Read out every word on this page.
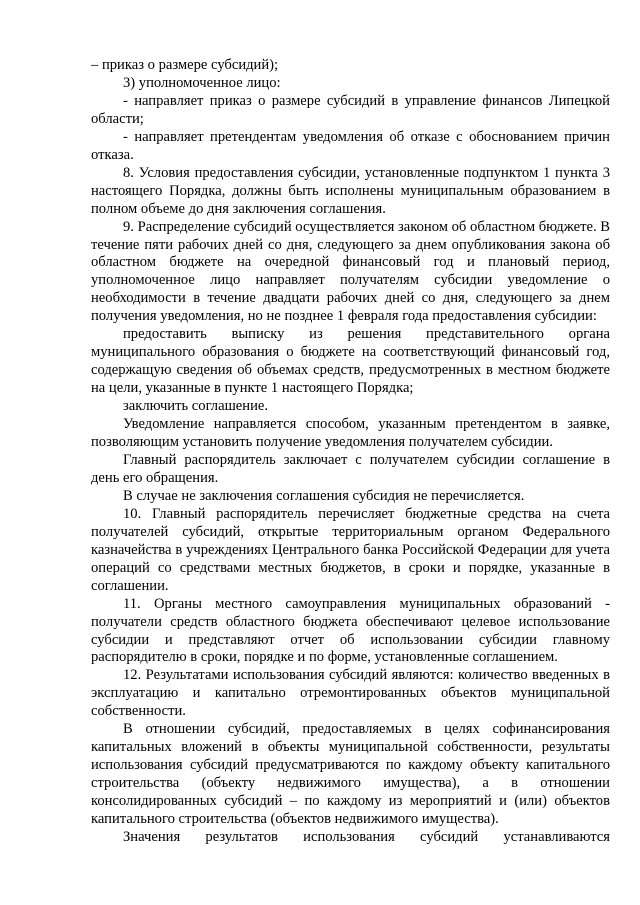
– приказ о размере субсидий);

3) уполномоченное лицо:

- направляет приказ о размере субсидий в управление финансов Липецкой области;

- направляет претендентам уведомления об отказе с обоснованием причин отказа.

8. Условия предоставления субсидии, установленные подпунктом 1 пункта 3 настоящего Порядка, должны быть исполнены муниципальным образованием в полном объеме до дня заключения соглашения.

9. Распределение субсидий осуществляется законом об областном бюджете. В течение пяти рабочих дней со дня, следующего за днем опубликования закона об областном бюджете на очередной финансовый год и плановый период, уполномоченное лицо направляет получателям субсидии уведомление о необходимости в течение двадцати рабочих дней со дня, следующего за днем получения уведомления, но не позднее 1 февраля года предоставления субсидии:

предоставить выписку из решения представительного органа муниципального образования о бюджете на соответствующий финансовый год, содержащую сведения об объемах средств, предусмотренных в местном бюджете на цели, указанные в пункте 1 настоящего Порядка;

заключить соглашение.

Уведомление направляется способом, указанным претендентом в заявке, позволяющим установить получение уведомления получателем субсидии.

Главный распорядитель заключает с получателем субсидии соглашение в день его обращения.

В случае не заключения соглашения субсидия не перечисляется.

10. Главный распорядитель перечисляет бюджетные средства на счета получателей субсидий, открытые территориальным органом Федерального казначейства в учреждениях Центрального банка Российской Федерации для учета операций со средствами местных бюджетов, в сроки и порядке, указанные в соглашении.

11. Органы местного самоуправления муниципальных образований - получатели средств областного бюджета обеспечивают целевое использование субсидии и представляют отчет об использовании субсидии главному распорядителю в сроки, порядке и по форме, установленные соглашением.

12. Результатами использования субсидий являются: количество введенных в эксплуатацию и капитально отремонтированных объектов муниципальной собственности.

В отношении субсидий, предоставляемых в целях софинансирования капитальных вложений в объекты муниципальной собственности, результаты использования субсидий предусматриваются по каждому объекту капитального строительства (объекту недвижимого имущества), а в отношении консолидированных субсидий – по каждому из мероприятий и (или) объектов капитального строительства (объектов недвижимого имущества).

Значения результатов использования субсидий устанавливаются
